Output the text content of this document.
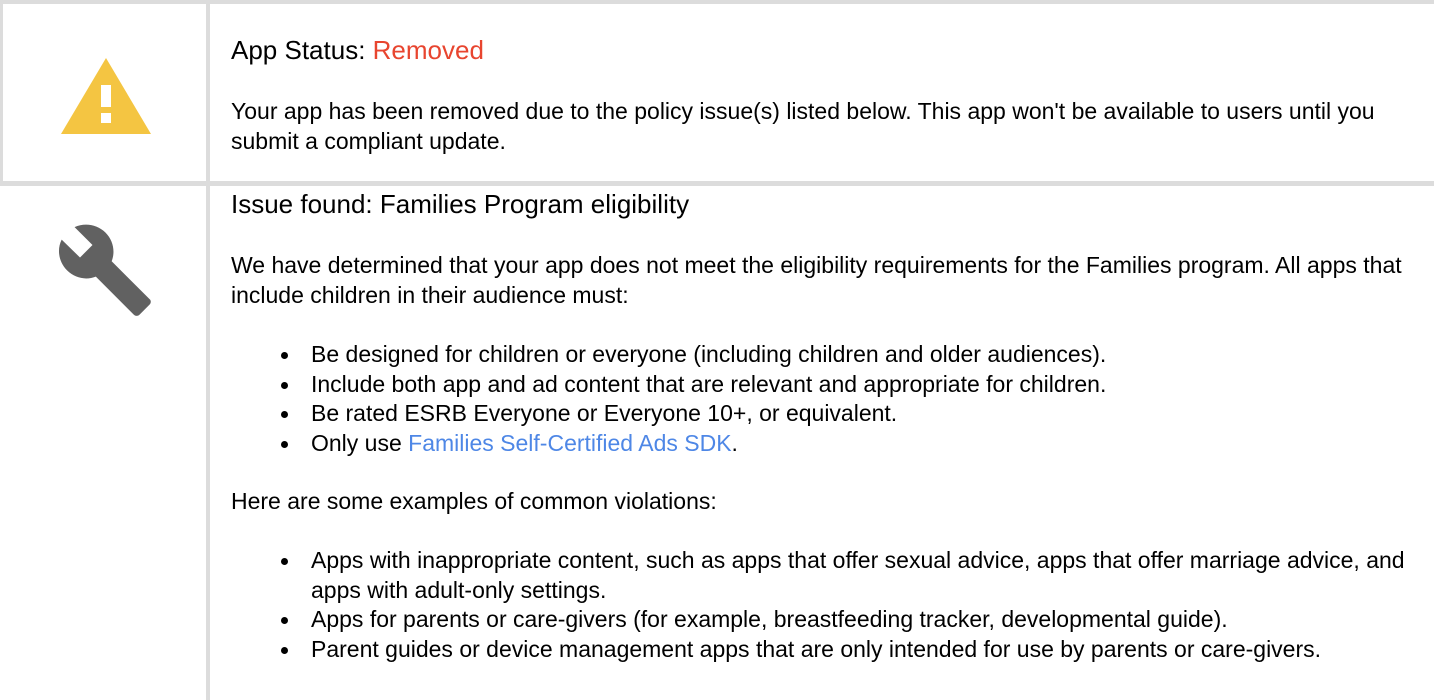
App Status: Removed

Your app has been removed due to the policy issue(s) listed below. This app won't be available to users until you submit a compliant update.

Issue found: Families Program eligibility

We have determined that your app does not meet the eligibility requirements for the Families program. All apps that include children in their audience must:

Be designed for children or everyone (including children and older audiences).
Include both app and ad content that are relevant and appropriate for children.
Be rated ESRB Everyone or Everyone 10+, or equivalent.
Only use Families Self-Certified Ads SDK.

Here are some examples of common violations:

Apps with inappropriate content, such as apps that offer sexual advice, apps that offer marriage advice, and apps with adult-only settings.
Apps for parents or care-givers (for example, breastfeeding tracker, developmental guide).
Parent guides or device management apps that are only intended for use by parents or care-givers.
